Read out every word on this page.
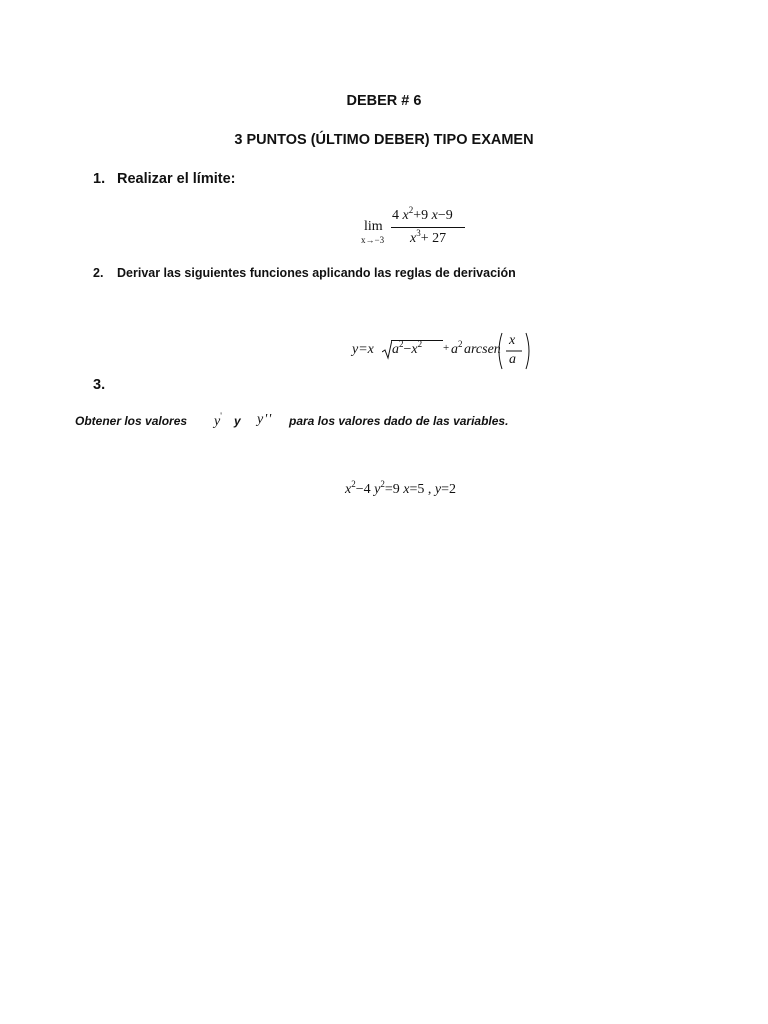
DEBER # 6
3 PUNTOS (ÚLTIMO DEBER) TIPO EXAMEN
1. Realizar el límite:
lim
x→−3
4 $x^2+9$ x−9
$x^3+ 27$
2. Derivar las siguientes funciones aplicando las reglas de derivación
y=x $a^2-x^2 + a^2$ arcsen
x
a
3.
Obtener los valores y' y y'' para los valores dado de las variables.
$x^2-4$ $y^2=9$ x=5 , y=2
